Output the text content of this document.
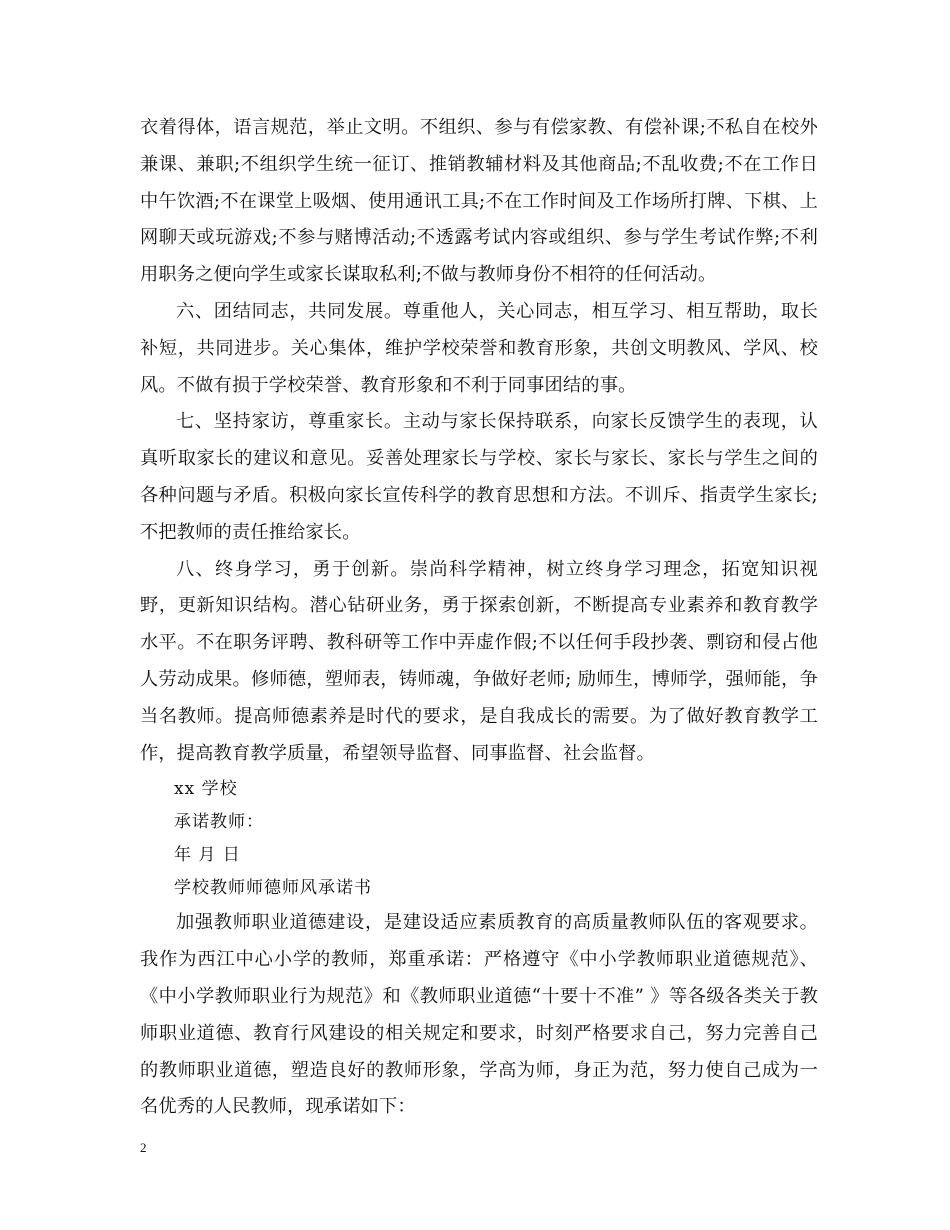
衣着得体，语言规范，举止文明。不组织、参与有偿家教、有偿补课;不私自在校外兼课、兼职;不组织学生统一征订、推销教辅材料及其他商品;不乱收费;不在工作日中午饮酒;不在课堂上吸烟、使用通讯工具;不在工作时间及工作场所打牌、下棋、上网聊天或玩游戏;不参与赌博活动;不透露考试内容或组织、参与学生考试作弊;不利用职务之便向学生或家长谋取私利;不做与教师身份不相符的任何活动。

六、团结同志，共同发展。尊重他人，关心同志，相互学习、相互帮助，取长补短，共同进步。关心集体，维护学校荣誉和教育形象，共创文明教风、学风、校风。不做有损于学校荣誉、教育形象和不利于同事团结的事。

七、坚持家访，尊重家长。主动与家长保持联系，向家长反馈学生的表现，认真听取家长的建议和意见。妥善处理家长与学校、家长与家长、家长与学生之间的各种问题与矛盾。积极向家长宣传科学的教育思想和方法。不训斥、指责学生家长;不把教师的责任推给家长。

八、终身学习，勇于创新。崇尚科学精神，树立终身学习理念，拓宽知识视野，更新知识结构。潜心钻研业务，勇于探索创新，不断提高专业素养和教育教学水平。不在职务评聘、教科研等工作中弄虚作假;不以任何手段抄袭、剽窃和侵占他人劳动成果。修师德，塑师表，铸师魂，争做好老师; 励师生，博师学，强师能，争当名教师。提高师德素养是时代的要求，是自我成长的需要。为了做好教育教学工作，提高教育教学质量，希望领导监督、同事监督、社会监督。

xx 学校

承诺教师：

年 月 日

学校教师师德师风承诺书

加强教师职业道德建设，是建设适应素质教育的高质量教师队伍的客观要求。我作为西江中心小学的教师，郑重承诺：严格遵守《中小学教师职业道德规范》、《中小学教师职业行为规范》和《教师职业道德“十要十不准” 》等各级各类关于教师职业道德、教育行风建设的相关规定和要求，时刻严格要求自己，努力完善自己的教师职业道德，塑造良好的教师形象，学高为师，身正为范，努力使自己成为一名优秀的人民教师，现承诺如下：

2
